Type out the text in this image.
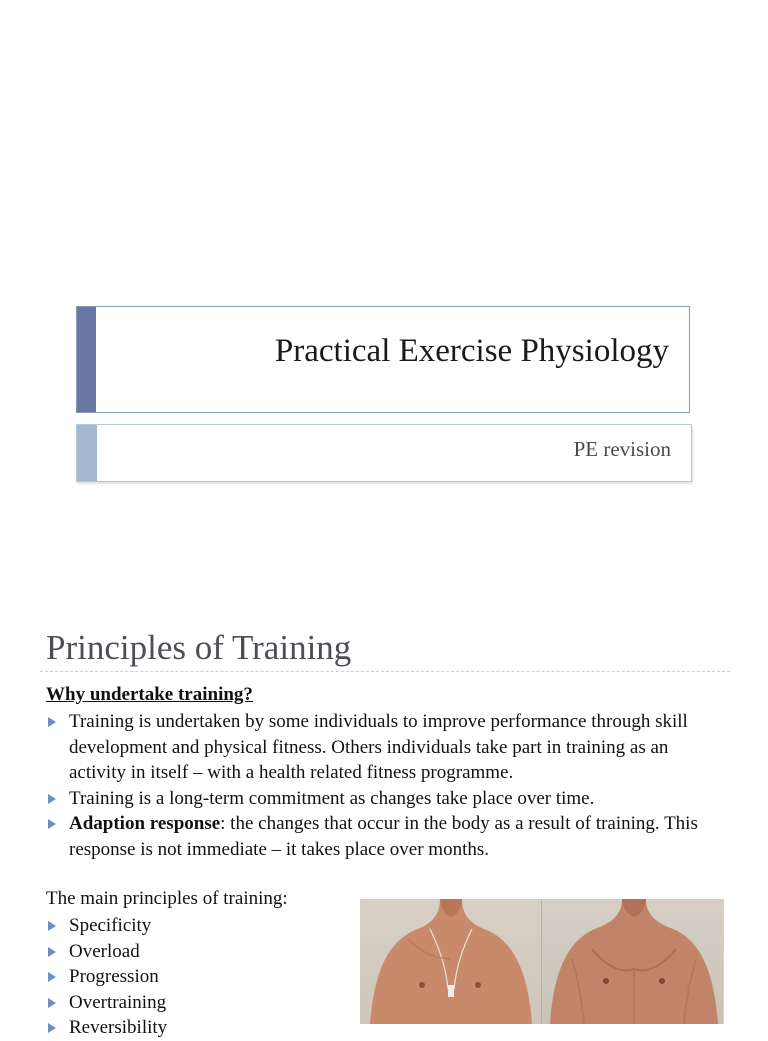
Practical Exercise Physiology
PE revision
Principles of Training
Why undertake training?
Training is undertaken by some individuals to improve performance through skill development and physical fitness. Others individuals take part in training as an activity in itself – with a health related fitness programme.
Training is a long-term commitment as changes take place over time.
Adaption response: the changes that occur in the body as a result of training. This response is not immediate – it takes place over months.
The main principles of training:
Specificity
Overload
Progression
Overtraining
Reversibility
